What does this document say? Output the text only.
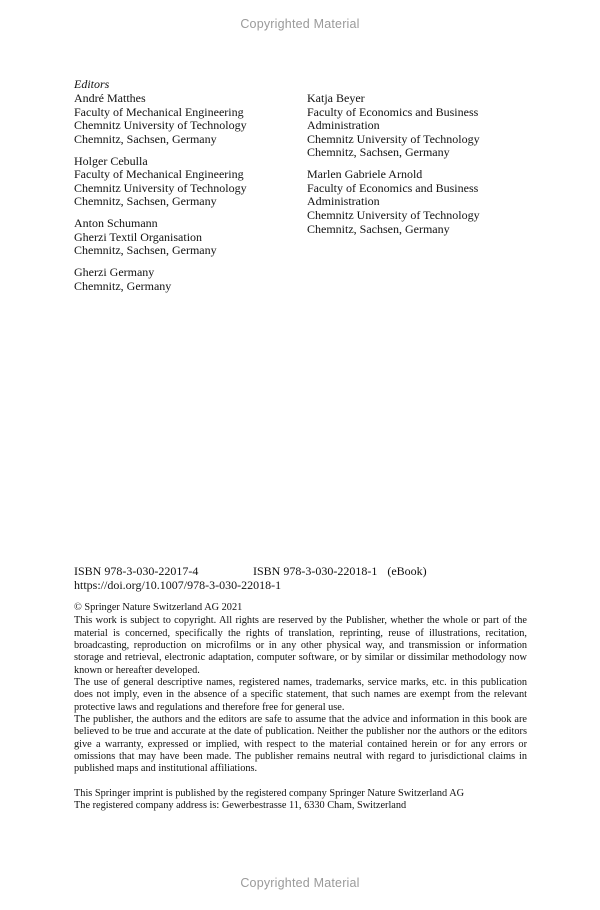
Copyrighted Material
Editors
André Matthes
Faculty of Mechanical Engineering
Chemnitz University of Technology
Chemnitz, Sachsen, Germany
Holger Cebulla
Faculty of Mechanical Engineering
Chemnitz University of Technology
Chemnitz, Sachsen, Germany
Anton Schumann
Gherzi Textil Organisation
Chemnitz, Sachsen, Germany
Gherzi Germany
Chemnitz, Germany
Katja Beyer
Faculty of Economics and Business
Administration
Chemnitz University of Technology
Chemnitz, Sachsen, Germany
Marlen Gabriele Arnold
Faculty of Economics and Business
Administration
Chemnitz University of Technology
Chemnitz, Sachsen, Germany
ISBN 978-3-030-22017-4	ISBN 978-3-030-22018-1 (eBook)
https://doi.org/10.1007/978-3-030-22018-1

© Springer Nature Switzerland AG 2021

This work is subject to copyright. All rights are reserved by the Publisher, whether the whole or part of the material is concerned, specifically the rights of translation, reprinting, reuse of illustrations, recitation, broadcasting, reproduction on microfilms or in any other physical way, and transmission or information storage and retrieval, electronic adaptation, computer software, or by similar or dissimilar methodology now known or hereafter developed.

The use of general descriptive names, registered names, trademarks, service marks, etc. in this publication does not imply, even in the absence of a specific statement, that such names are exempt from the relevant protective laws and regulations and therefore free for general use.

The publisher, the authors and the editors are safe to assume that the advice and information in this book are believed to be true and accurate at the date of publication. Neither the publisher nor the authors or the editors give a warranty, expressed or implied, with respect to the material contained herein or for any errors or omissions that may have been made. The publisher remains neutral with regard to jurisdictional claims in published maps and institutional affiliations.

This Springer imprint is published by the registered company Springer Nature Switzerland AG
The registered company address is: Gewerbestrasse 11, 6330 Cham, Switzerland
Copyrighted Material
